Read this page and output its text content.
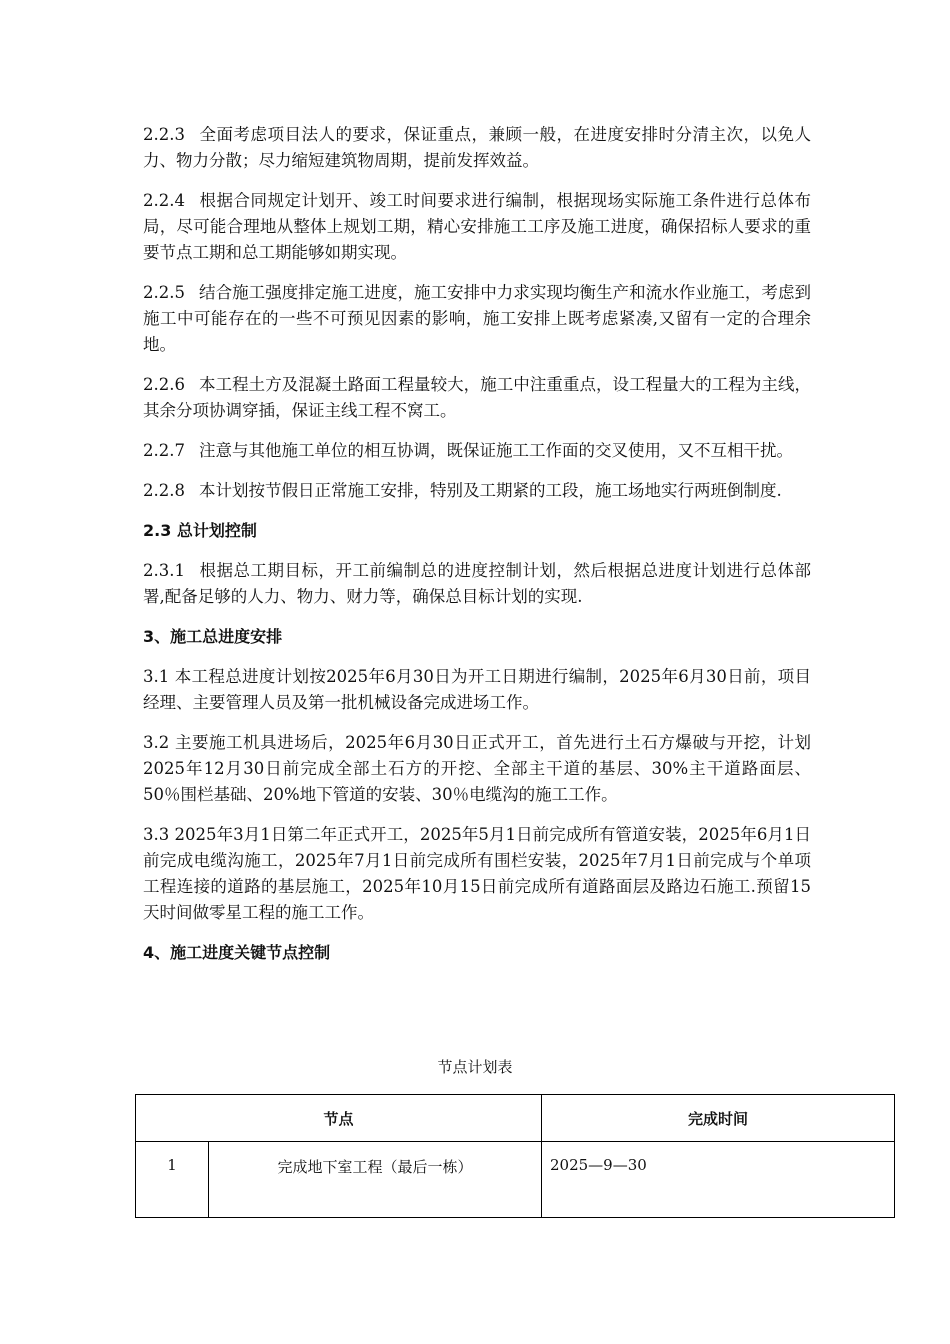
2.2.3 全面考虑项目法人的要求，保证重点，兼顾一般，在进度安排时分清主次，以免人力、物力分散；尽力缩短建筑物周期，提前发挥效益。

2.2.4 根据合同规定计划开、竣工时间要求进行编制，根据现场实际施工条件进行总体布局，尽可能合理地从整体上规划工期，精心安排施工工序及施工进度，确保招标人要求的重要节点工期和总工期能够如期实现。

2.2.5 结合施工强度排定施工进度，施工安排中力求实现均衡生产和流水作业施工，考虑到施工中可能存在的一些不可预见因素的影响，施工安排上既考虑紧凑,又留有一定的合理余地。

2.2.6 本工程土方及混凝土路面工程量较大，施工中注重重点，设工程量大的工程为主线，其余分项协调穿插，保证主线工程不窝工。

2.2.7 注意与其他施工单位的相互协调，既保证施工工作面的交叉使用，又不互相干扰。

2.2.8 本计划按节假日正常施工安排，特别及工期紧的工段，施工场地实行两班倒制度.

2.3 总计划控制

2.3.1 根据总工期目标，开工前编制总的进度控制计划，然后根据总进度计划进行总体部署,配备足够的人力、物力、财力等，确保总目标计划的实现.

3、施工总进度安排

3.1 本工程总进度计划按2025年6月30日为开工日期进行编制，2025年6月30日前，项目经理、主要管理人员及第一批机械设备完成进场工作。

3.2 主要施工机具进场后，2025年6月30日正式开工，首先进行土石方爆破与开挖，计划2025年12月30日前完成全部土石方的开挖、全部主干道的基层、30%主干道路面层、50％围栏基础、20%地下管道的安装、30％电缆沟的施工工作。

3.3 2025年3月1日第二年正式开工，2025年5月1日前完成所有管道安装，2025年6月1日前完成电缆沟施工，2025年7月1日前完成所有围栏安装，2025年7月1日前完成与个单项工程连接的道路的基层施工，2025年10月15日前完成所有道路面层及路边石施工.预留15天时间做零星工程的施工工作。

4、施工进度关键节点控制

节点计划表
节点		完成时间
1	完成地下室工程（最后一栋）	2025—9—30
